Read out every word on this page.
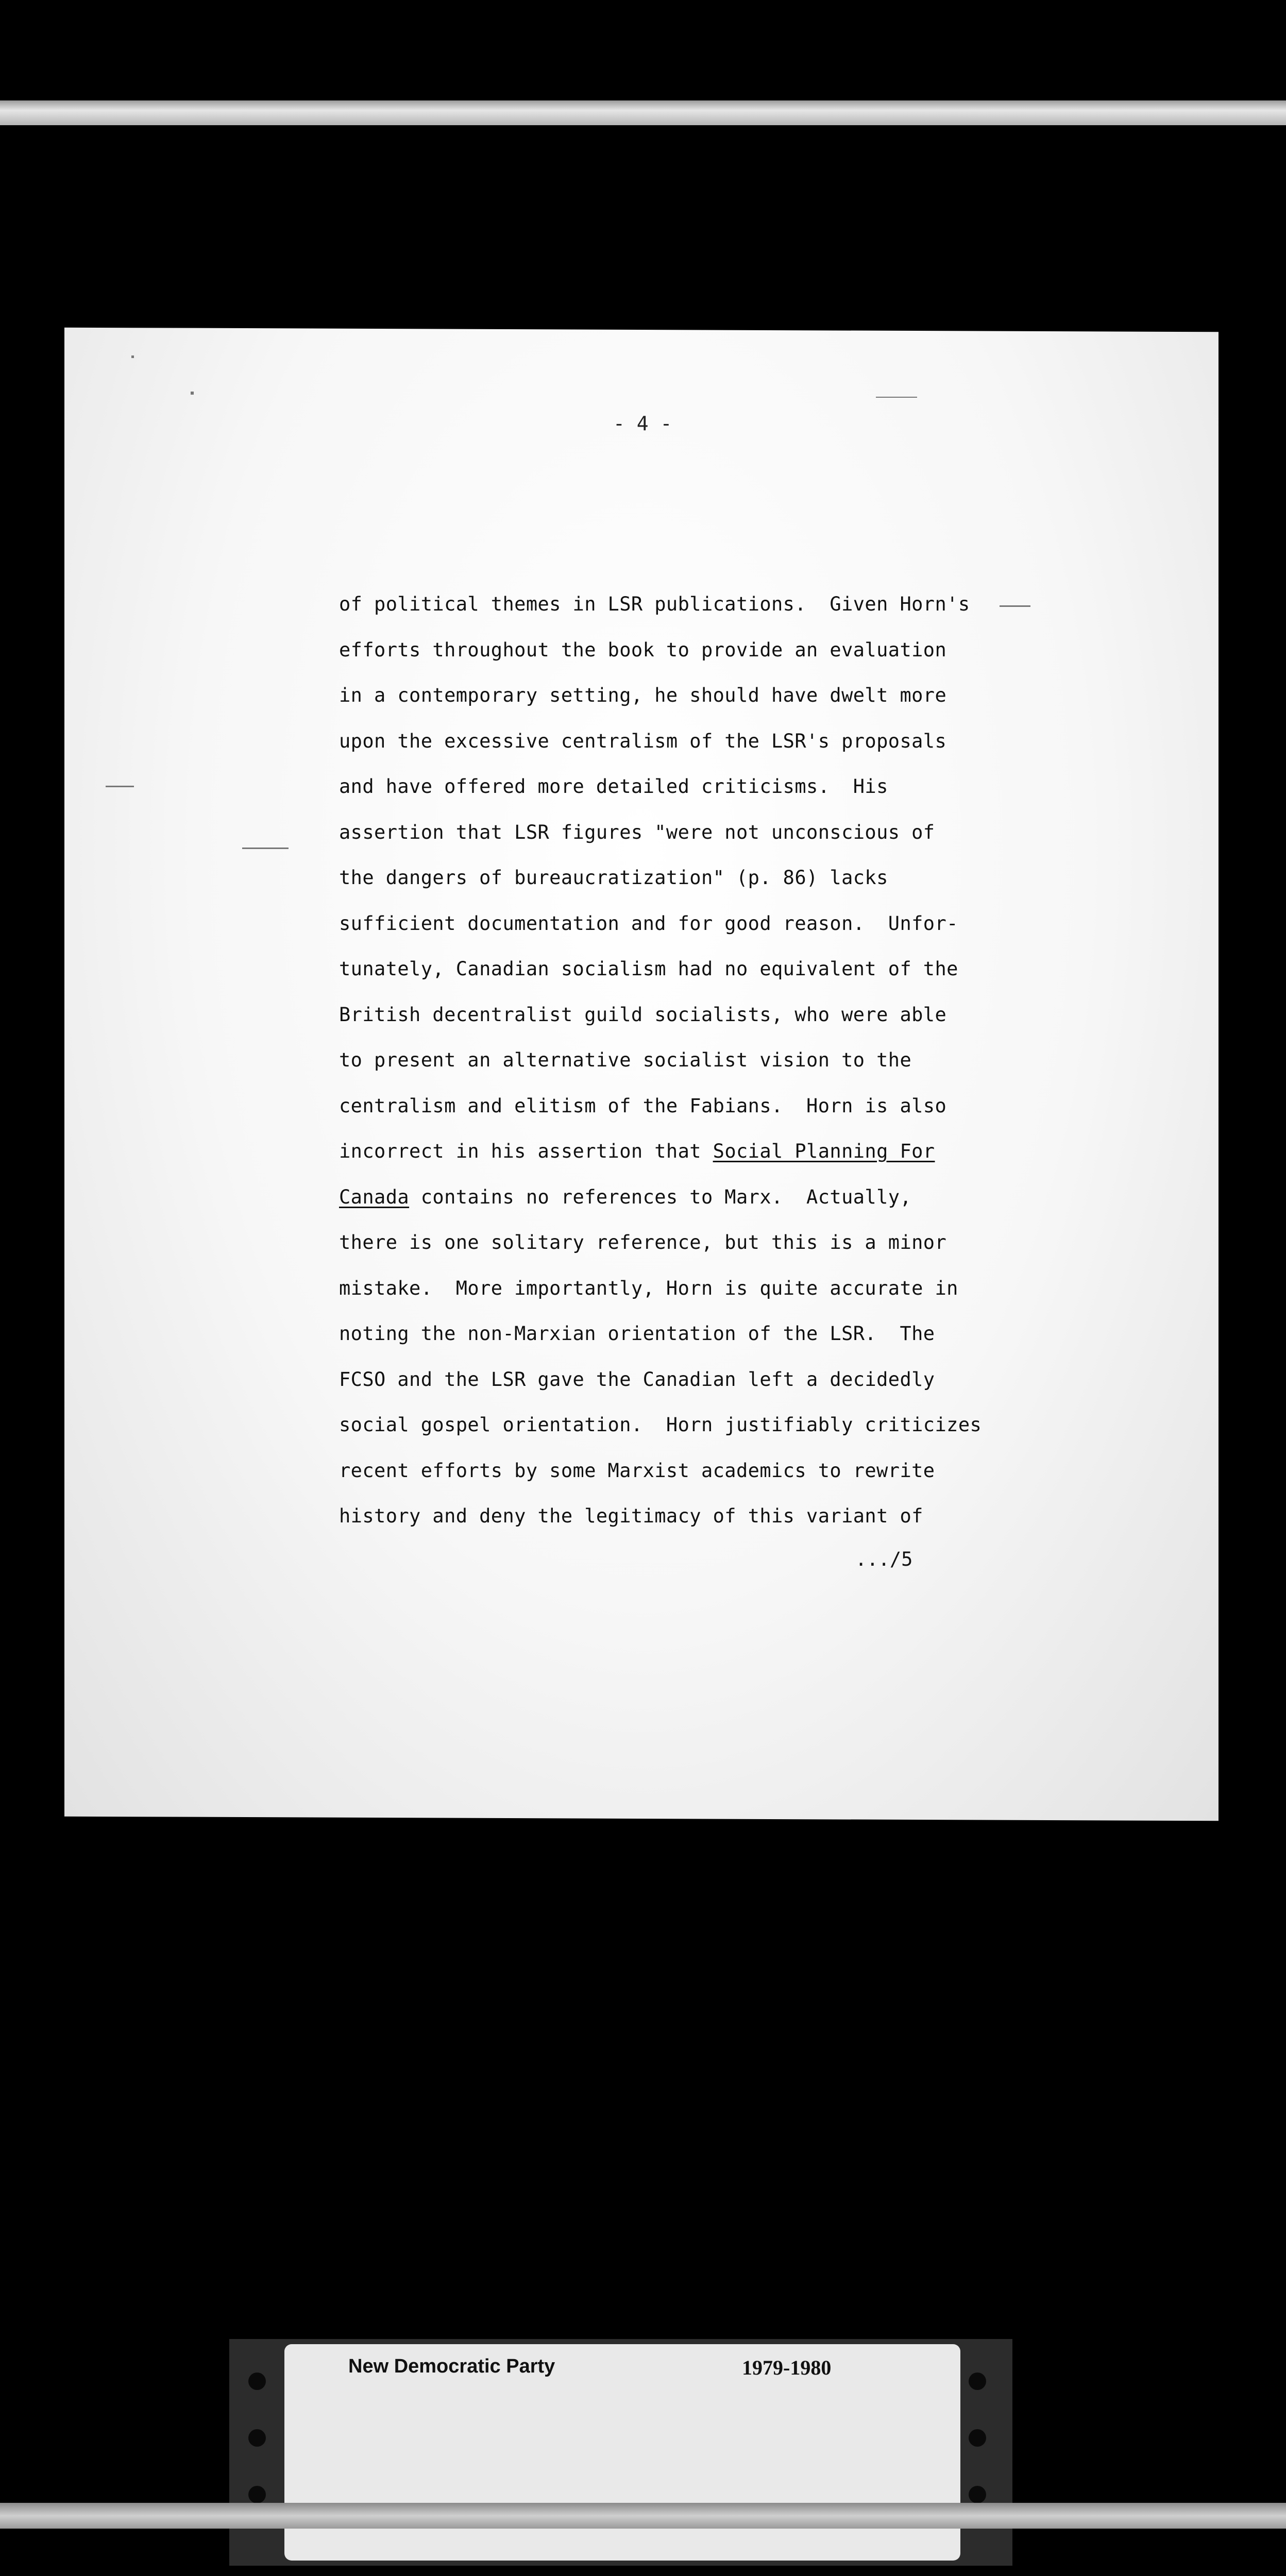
- 4 -
of political themes in LSR publications.  Given Horn's
efforts throughout the book to provide an evaluation
in a contemporary setting, he should have dwelt more
upon the excessive centralism of the LSR's proposals
and have offered more detailed criticisms.  His
assertion that LSR figures "were not unconscious of
the dangers of bureaucratization" (p. 86) lacks
sufficient documentation and for good reason.  Unfor-
tunately, Canadian socialism had no equivalent of the
British decentralist guild socialists, who were able
to present an alternative socialist vision to the
centralism and elitism of the Fabians.  Horn is also
incorrect in his assertion that Social Planning For
Canada contains no references to Marx.  Actually,
there is one solitary reference, but this is a minor
mistake.  More importantly, Horn is quite accurate in
noting the non-Marxian orientation of the LSR.  The
FCSO and the LSR gave the Canadian left a decidedly
social gospel orientation.  Horn justifiably criticizes
recent efforts by some Marxist academics to rewrite
history and deny the legitimacy of this variant of
.../5
New Democratic Party	1979-1980
